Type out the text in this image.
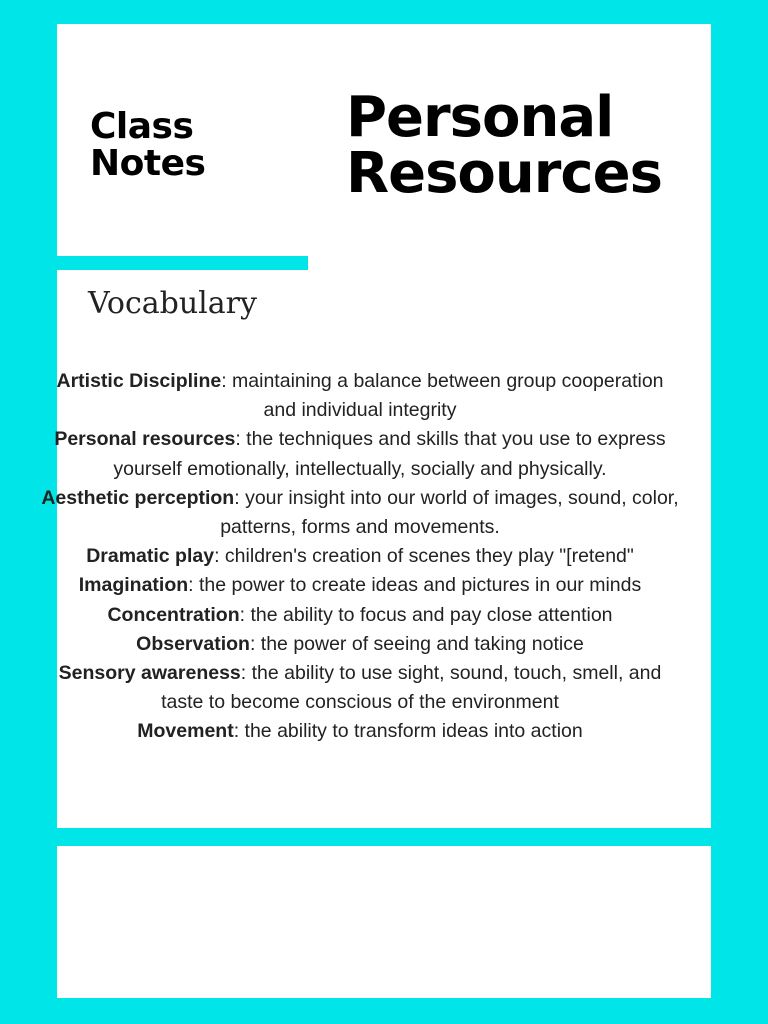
Class
Notes
Personal
Resources
Vocabulary
Artistic Discipline: maintaining a balance between group cooperation and individual integrity
Personal resources: the techniques and skills that you use to express yourself emotionally, intellectually, socially and physically.
Aesthetic perception: your insight into our world of images, sound, color, patterns, forms and movements.
Dramatic play: children's creation of scenes they play "[retend"
Imagination: the power to create ideas and pictures in our minds
Concentration: the ability to focus and pay close attention
Observation: the power of seeing and taking notice
Sensory awareness: the ability to use sight, sound, touch, smell, and taste to become conscious of the environment
Movement: the ability to transform ideas into action
